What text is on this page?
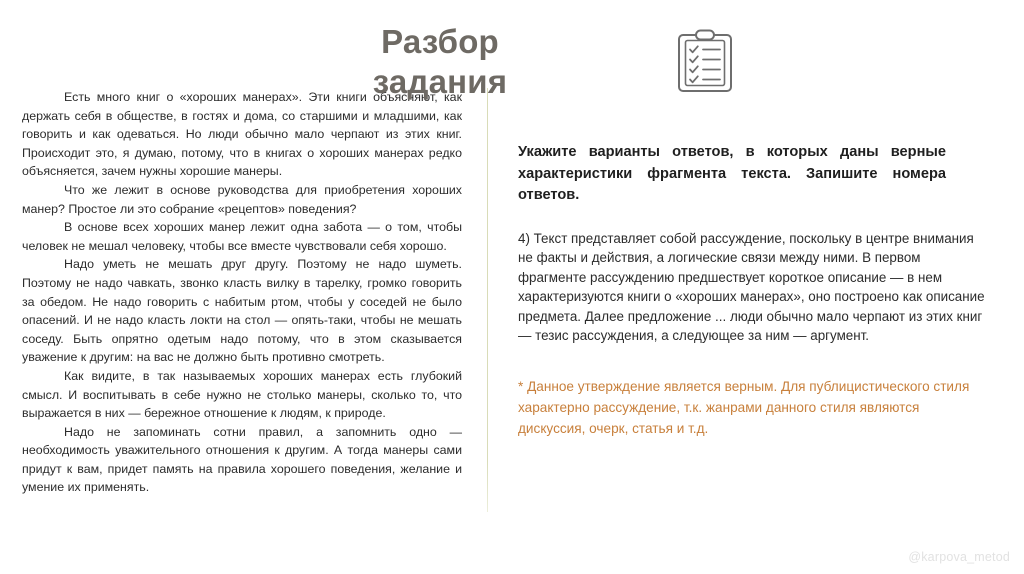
Разбор
задания

Есть много книг о «хороших манерах». Эти книги объясняют, как держать себя в обществе, в гостях и дома, со старшими и младшими, как говорить и как одеваться. Но люди обычно мало черпают из этих книг. Происходит это, я думаю, потому, что в книгах о хороших манерах редко объясняется, зачем нужны хорошие манеры.

Что же лежит в основе руководства для приобретения хороших манер? Простое ли это собрание «рецептов» поведения?

В основе всех хороших манер лежит одна забота — о том, чтобы человек не мешал человеку, чтобы все вместе чувствовали себя хорошо.

Надо уметь не мешать друг другу. Поэтому не надо шуметь. Поэтому не надо чавкать, звонко класть вилку в тарелку, громко говорить за обедом. Не надо говорить с набитым ртом, чтобы у соседей не было опасений. И не надо класть локти на стол — опять-таки, чтобы не мешать соседу. Быть опрятно одетым надо потому, что в этом сказывается уважение к другим: на вас не должно быть противно смотреть.

Как видите, в так называемых хороших манерах есть глубокий смысл. И воспитывать в себе нужно не столько манеры, сколько то, что выражается в них — бережное отношение к людям, к природе.

Надо не запоминать сотни правил, а запомнить одно — необходимость уважительного отношения к другим. А тогда манеры сами придут к вам, придет память на правила хорошего поведения, желание и умение их применять.

Укажите варианты ответов, в которых даны верные характеристики фрагмента текста. Запишите номера ответов.

4) Текст представляет собой рассуждение, поскольку в центре внимания не факты и действия, а логические связи между ними. В первом фрагменте рассуждению предшествует короткое описание — в нем характеризуются книги о «хороших манерах», оно построено как описание предмета. Далее предложение ... люди обычно мало черпают из этих книг — тезис рассуждения, а следующее за ним — аргумент.

* Данное утверждение является верным. Для публицистического стиля характерно рассуждение, т.к. жанрами данного стиля являются дискуссия, очерк, статья и т.д.

@karpova_metod
